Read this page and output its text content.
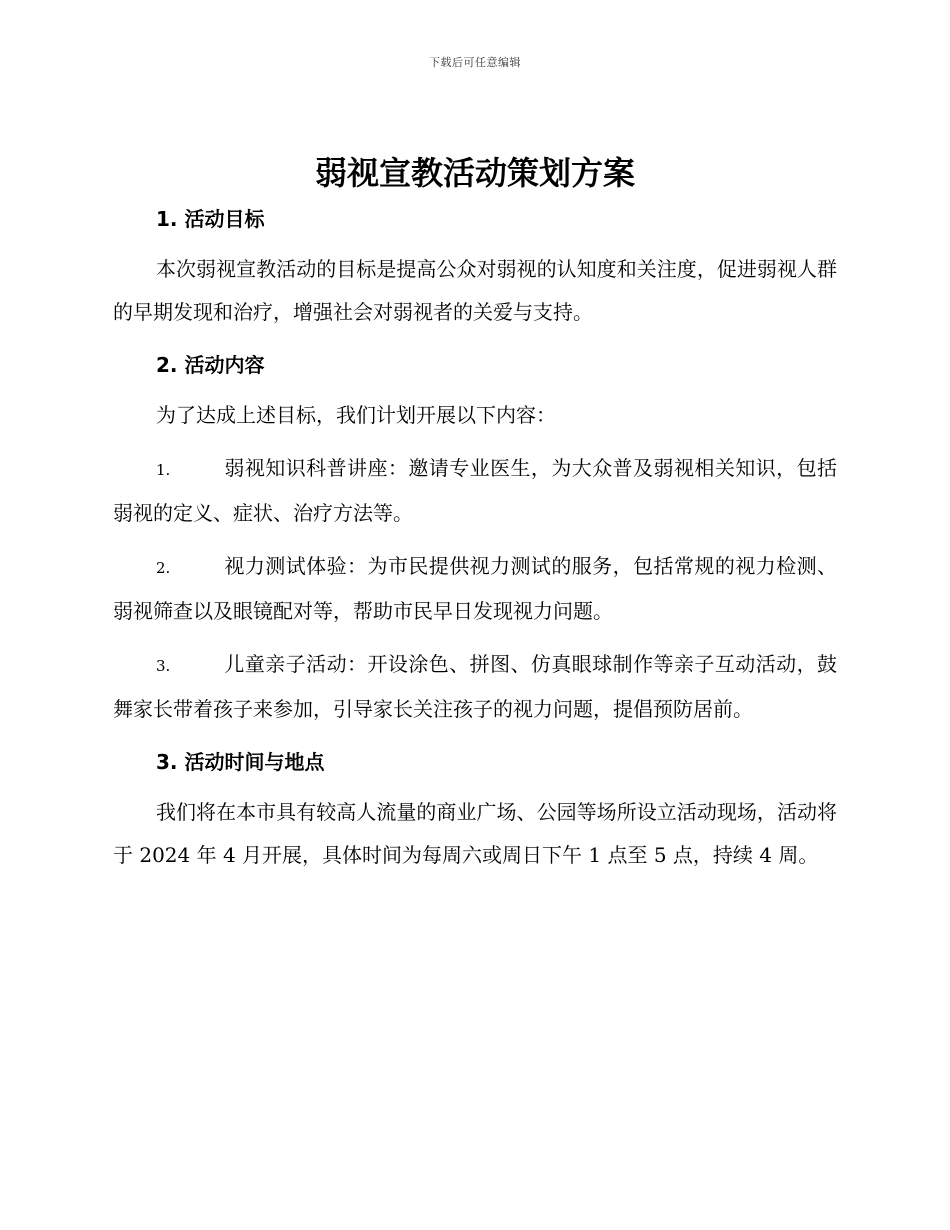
下载后可任意编辑
弱视宣教活动策划方案

1. 活动目标

本次弱视宣教活动的目标是提高公众对弱视的认知度和关注度，促进弱视人群的早期发现和治疗，增强社会对弱视者的关爱与支持。

2. 活动内容

为了达成上述目标，我们计划开展以下内容：

1.	弱视知识科普讲座：邀请专业医生，为大众普及弱视相关知识，包括弱视的定义、症状、治疗方法等。

2.	视力测试体验：为市民提供视力测试的服务，包括常规的视力检测、弱视筛查以及眼镜配对等，帮助市民早日发现视力问题。

3.	儿童亲子活动：开设涂色、拼图、仿真眼球制作等亲子互动活动，鼓舞家长带着孩子来参加，引导家长关注孩子的视力问题，提倡预防居前。

3. 活动时间与地点

我们将在本市具有较高人流量的商业广场、公园等场所设立活动现场，活动将于 2024 年 4 月开展，具体时间为每周六或周日下午 1 点至 5 点，持续 4 周。
